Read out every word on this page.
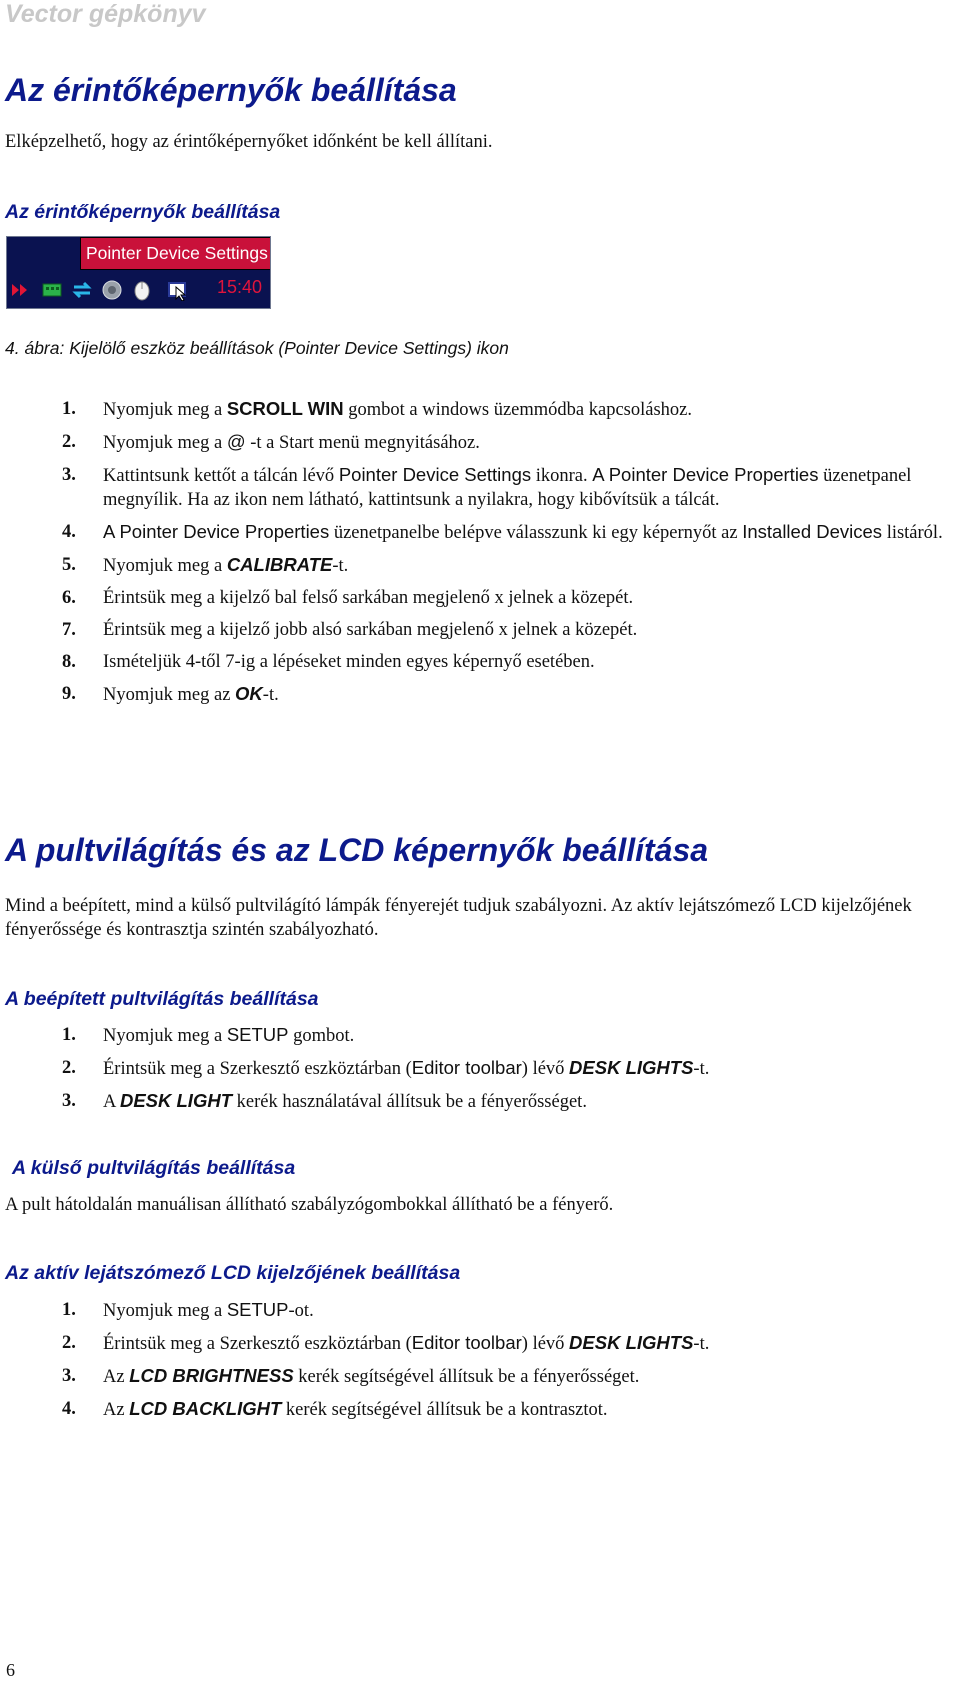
Vector gépkönyv
Az érintőképernyők beállítása
Elképzelhető, hogy az érintőképernyőket időnként be kell állítani.
Az érintőképernyők beállítása
Pointer Device Settings
15:40
4. ábra: Kijelölő eszköz beállítások (Pointer Device Settings) ikon
1. Nyomjuk meg a SCROLL WIN gombot a windows üzemmódba kapcsoláshoz.
2. Nyomjuk meg a @ -t a Start menü megnyitásához.
3. Kattintsunk kettőt a tálcán lévő Pointer Device Settings ikonra. A Pointer Device Properties üzenetpanel megnyílik. Ha az ikon nem látható, kattintsunk a nyilakra, hogy kibővítsük a tálcát.
4. A Pointer Device Properties üzenetpanelbe belépve válasszunk ki egy képernyőt az Installed Devices listáról.
5. Nyomjuk meg a CALIBRATE-t.
6. Érintsük meg a kijelző bal felső sarkában megjelenő x jelnek a közepét.
7. Érintsük meg a kijelző jobb alsó sarkában megjelenő x jelnek a közepét.
8. Ismételjük 4-től 7-ig a lépéseket minden egyes képernyő esetében.
9. Nyomjuk meg az OK-t.
A pultvilágítás és az LCD képernyők beállítása
Mind a beépített, mind a külső pultvilágító lámpák fényerejét tudjuk szabályozni. Az aktív lejátszómező LCD kijelzőjének fényerőssége és kontrasztja szintén szabályozható.
A beépített pultvilágítás beállítása
1. Nyomjuk meg a SETUP gombot.
2. Érintsük meg a Szerkesztő eszköztárban (Editor toolbar) lévő DESK LIGHTS-t.
3. A DESK LIGHT kerék használatával állítsuk be a fényerősséget.
A külső pultvilágítás beállítása
A pult hátoldalán manuálisan állítható szabályzógombokkal állítható be a fényerő.
Az aktív lejátszómező LCD kijelzőjének beállítása
1. Nyomjuk meg a SETUP-ot.
2. Érintsük meg a Szerkesztő eszköztárban (Editor toolbar) lévő DESK LIGHTS-t.
3. Az LCD BRIGHTNESS kerék segítségével állítsuk be a fényerősséget.
4. Az LCD BACKLIGHT kerék segítségével állítsuk be a kontrasztot.
6
